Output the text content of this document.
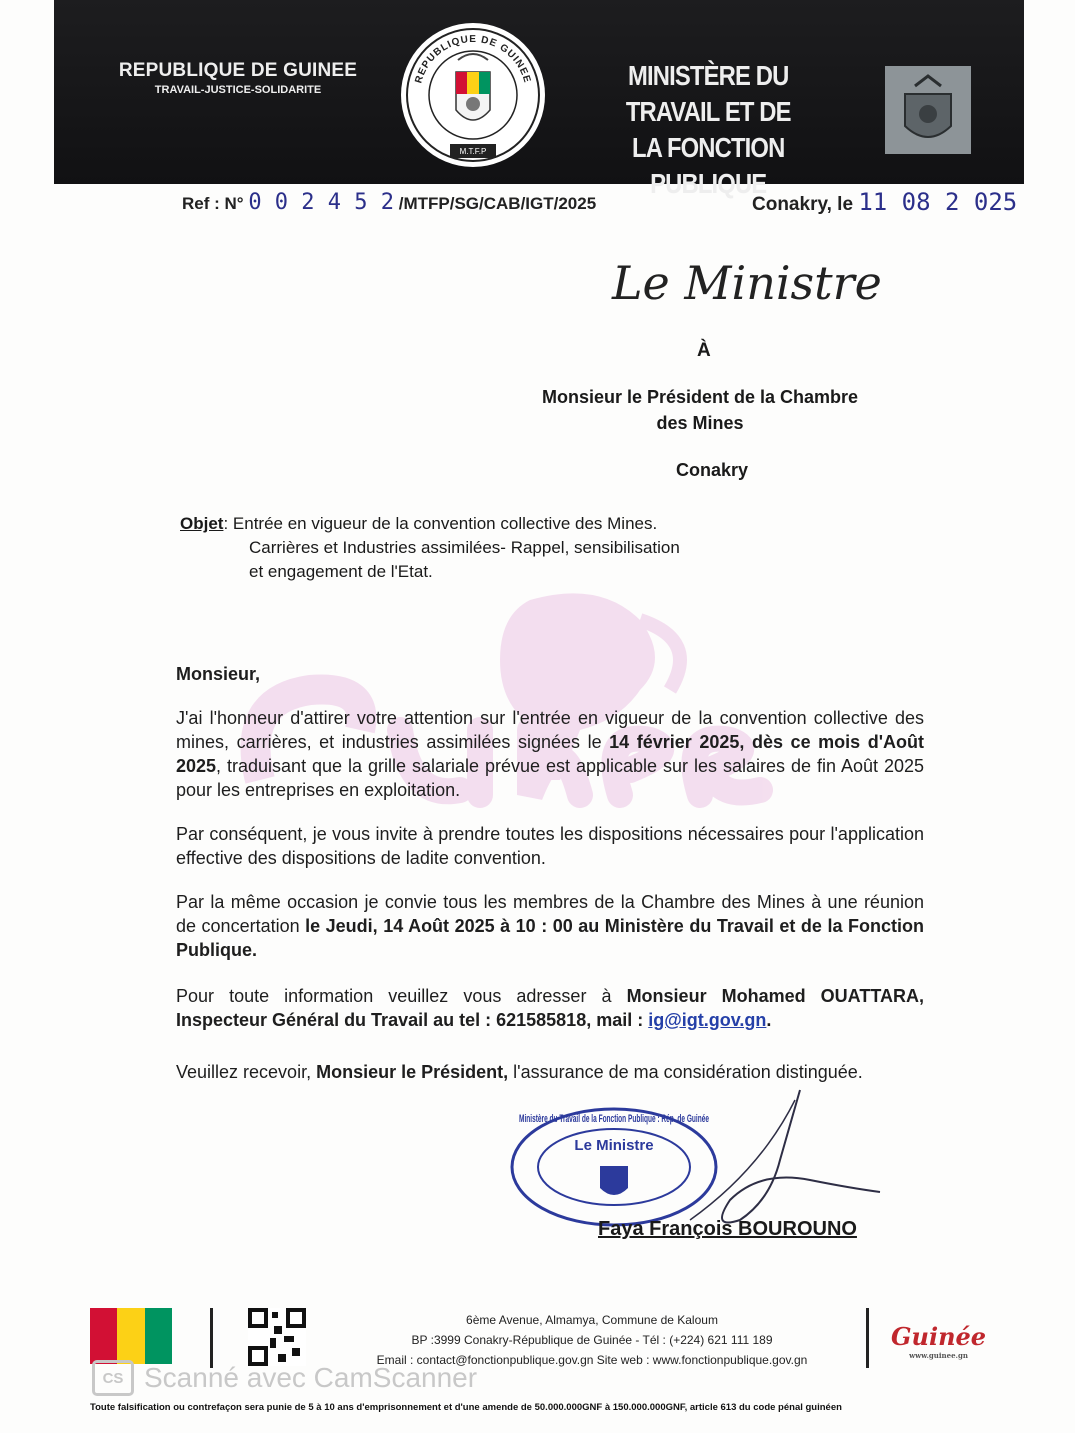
REPUBLIQUE DE GUINEE
TRAVAIL-JUSTICE-SOLIDARITE
REPUBLIQUE DE GUINEE
M.T.F.P
MINISTÈRE DU TRAVAIL ET DE
LA FONCTION PUBLIQUE
Ref : N° 0 0 2 4 5 2 /MTFP/SG/CAB/IGT/2025	Conakry, le 11 08 2 025
Le Ministre
À
Monsieur le Président de la Chambre
des Mines
Conakry
Objet: Entrée en vigueur de la convention collective des Mines.
Carrières et Industries assimilées- Rappel, sensibilisation
et engagement de l'Etat.
Monsieur,
J'ai l'honneur d'attirer votre attention sur l'entrée en vigueur de la convention collective des mines, carrières, et industries assimilées signées le 14 février 2025, dès ce mois d'Août 2025, traduisant que la grille salariale prévue est applicable sur les salaires de fin Août 2025 pour les entreprises en exploitation.
Par conséquent, je vous invite à prendre toutes les dispositions nécessaires pour l'application effective des dispositions de ladite convention.
Par la même occasion je convie tous les membres de la Chambre des Mines à une réunion de concertation le Jeudi, 14 Août 2025 à 10 : 00 au Ministère du Travail et de la Fonction Publique.
Pour toute information veuillez vous adresser à Monsieur Mohamed OUATTARA, Inspecteur Général du Travail au tel : 621585818, mail : ig@igt.gov.gn.
Veuillez recevoir, Monsieur le Président, l'assurance de ma considération distinguée.
Ministère du Travail de la Fonction Publique : Rép. de Guinée
Le Ministre
Faya François BOUROUNO
6ème Avenue, Almamya, Commune de Kaloum
BP :3999 Conakry-République de Guinée - Tél : (+224) 621 111 189
Email : contact@fonctionpublique.gov.gn Site web : www.fonctionpublique.gov.gn
Guinée
www.guinee.gn
CS Scanné avec CamScanner
Toute falsification ou contrefaçon sera punie de 5 à 10 ans d'emprisonnement et d'une amende de 50.000.000GNF à 150.000.000GNF, article 613 du code pénal guinéen
